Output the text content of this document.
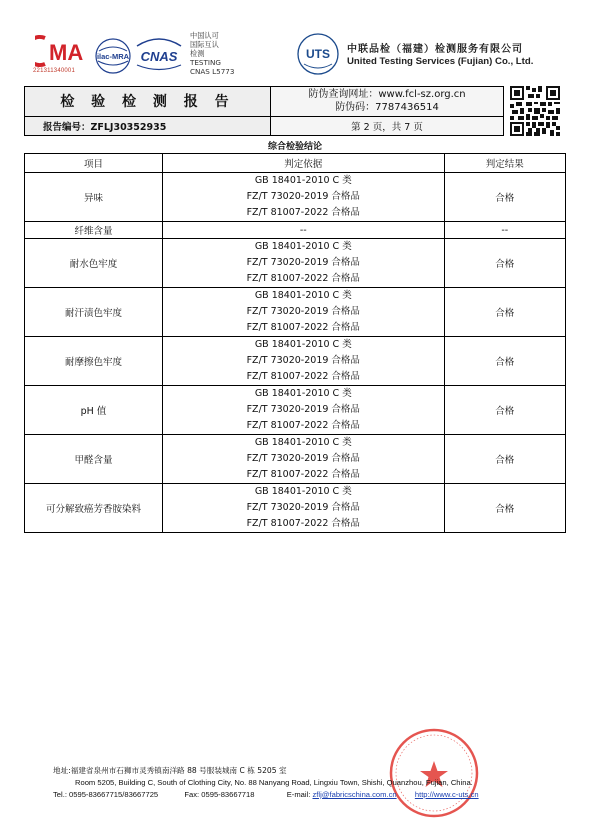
MA
221311340001
ilac-MRA CNAS
中国认可
国际互认
检测
TESTING
CNAS L5773
UTS 中联品检（福建）检测服务有限公司
United Testing Services (Fujian) Co., Ltd.
检 验 检 测 报 告	防伪查询网址：www.fcl-sz.org.cn
防伪码：7787436514

报告编号：ZFLJ30352935	第 2 页，共 7 页
综合检验结论
项目	判定依据	判定结果
异味	GB 18401-2010 C 类
FZ/T 73020-2019 合格品
FZ/T 81007-2022 合格品	合格
纤维含量	--	--
耐水色牢度	GB 18401-2010 C 类
FZ/T 73020-2019 合格品
FZ/T 81007-2022 合格品	合格
耐汗渍色牢度	GB 18401-2010 C 类
FZ/T 73020-2019 合格品
FZ/T 81007-2022 合格品	合格
耐摩擦色牢度	GB 18401-2010 C 类
FZ/T 73020-2019 合格品
FZ/T 81007-2022 合格品	合格
pH 值	GB 18401-2010 C 类
FZ/T 73020-2019 合格品
FZ/T 81007-2022 合格品	合格
甲醛含量	GB 18401-2010 C 类
FZ/T 73020-2019 合格品
FZ/T 81007-2022 合格品	合格
可分解致癌芳香胺染料	GB 18401-2010 C 类
FZ/T 73020-2019 合格品
FZ/T 81007-2022 合格品	合格
地址:福建省泉州市石狮市灵秀镇南洋路 88 号服装城南 C 栋 5205 室
Room 5205, Building C, South of Clothing City, No. 88 Nanyang Road, Lingxiu Town, Shishi, Quanzhou, Fujian, China.
Tel.: 0595-83667715/83667725	Fax: 0595-83667718	E-mail: zflj@fabricschina.com.cn http://www.c-uts.cn
